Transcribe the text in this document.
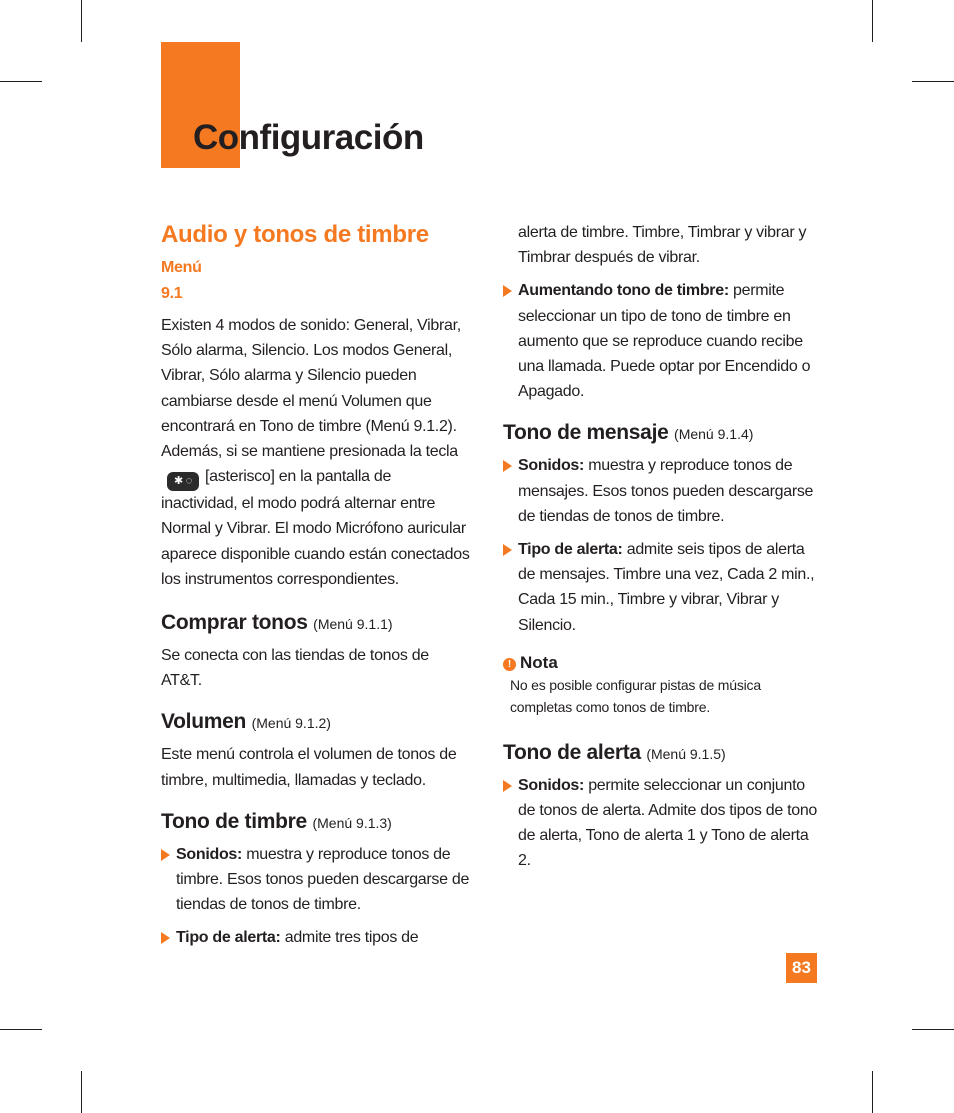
Configuración
Audio y tonos de timbre   Menú
9.1

Existen 4 modos de sonido: General, Vibrar, Sólo alarma, Silencio. Los modos General, Vibrar, Sólo alarma y Silencio pueden cambiarse desde el menú Volumen que encontrará en Tono de timbre (Menú 9.1.2). Además, si se mantiene presionada la tecla✱ ◌ [asterisco] en la pantalla de inactividad, el modo podrá alternar entre Normal y Vibrar. El modo Micrófono auricular aparece disponible cuando están conectados los instrumentos correspondientes.

Comprar tonos (Menú 9.1.1)

Se conecta con las tiendas de tonos de AT&T.

Volumen (Menú 9.1.2)

Este menú controla el volumen de tonos de timbre, multimedia, llamadas y teclado.

Tono de timbre (Menú 9.1.3)

Sonidos: muestra y reproduce tonos de timbre. Esos tonos pueden descargarse de tiendas de tonos de timbre.

Tipo de alerta: admite tres tipos de

alerta de timbre. Timbre, Timbrar y vibrar y Timbrar después de vibrar.

Aumentando tono de timbre: permite seleccionar un tipo de tono de timbre en aumento que se reproduce cuando recibe una llamada. Puede optar por Encendido o Apagado.

Tono de mensaje (Menú 9.1.4)

Sonidos: muestra y reproduce tonos de mensajes. Esos tonos pueden descargarse de tiendas de tonos de timbre.

Tipo de alerta: admite seis tipos de alerta de mensajes. Timbre una vez, Cada 2 min., Cada 15 min., Timbre y vibrar, Vibrar y Silencio.

! Nota

No es posible configurar pistas de música completas como tonos de timbre.

Tono de alerta (Menú 9.1.5)

Sonidos: permite seleccionar un conjunto de tonos de alerta. Admite dos tipos de tono de alerta, Tono de alerta 1 y Tono de alerta 2.

83
